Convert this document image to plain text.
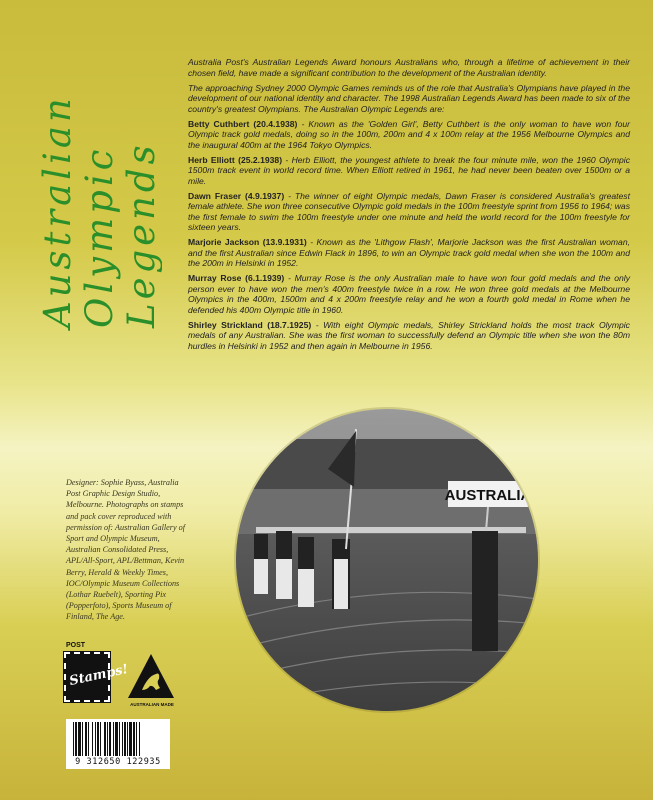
Australian Olympic Legends

Australia Post's Australian Legends Award honours Australians who, through a lifetime of achievement in their chosen field, have made a significant contribution to the development of the Australian identity.

The approaching Sydney 2000 Olympic Games reminds us of the role that Australia's Olympians have played in the development of our national identity and character. The 1998 Australian Legends Award has been made to six of the country's greatest Olympians. The Australian Olympic Legends are:

Betty Cuthbert (20.4.1938) - Known as the 'Golden Girl', Betty Cuthbert is the only woman to have won four Olympic track gold medals, doing so in the 100m, 200m and 4 x 100m relay at the 1956 Melbourne Olympics and the inaugural 400m at the 1964 Tokyo Olympics.

Herb Elliott (25.2.1938) - Herb Elliott, the youngest athlete to break the four minute mile, won the 1960 Olympic 1500m track event in world record time. When Elliott retired in 1961, he had never been beaten over 1500m or a mile.

Dawn Fraser (4.9.1937) - The winner of eight Olympic medals, Dawn Fraser is considered Australia's greatest female athlete. She won three consecutive Olympic gold medals in the 100m freestyle sprint from 1956 to 1964; was the first female to swim the 100m freestyle under one minute and held the world record for the 100m freestyle for sixteen years.

Marjorie Jackson (13.9.1931) - Known as the 'Lithgow Flash', Marjorie Jackson was the first Australian woman, and the first Australian since Edwin Flack in 1896, to win an Olympic track gold medal when she won the 100m and the 200m in Helsinki in 1952.

Murray Rose (6.1.1939) - Murray Rose is the only Australian male to have won four gold medals and the only person ever to have won the men's 400m freestyle twice in a row. He won three gold medals at the Melbourne Olympics in the 400m, 1500m and 4 x 200m freestyle relay and he won a fourth gold medal in Rome when he defended his 400m Olympic title in 1960.

Shirley Strickland (18.7.1925) - With eight Olympic medals, Shirley Strickland holds the most track Olympic medals of any Australian. She was the first woman to successfully defend an Olympic title when she won the 80m hurdles in Helsinki in 1952 and then again in Melbourne in 1956.

AUSTRALIA
Designer: Sophie Byass, Australia Post Graphic Design Studio, Melbourne. Photographs on stamps and pack cover reproduced with permission of: Australian Gallery of Sport and Olympic Museum, Australian Consolidated Press, APL/All-Sport, APL/Bettman, Kevin Berry, Herald & Weekly Times, IOC/Olympic Museum Collections (Lothar Ruebelt), Sporting Pix (Popperfoto), Sports Museum of Finland, The Age.
POST
Stamps!
AUSTRALIAN MADE
9 312650 122935
